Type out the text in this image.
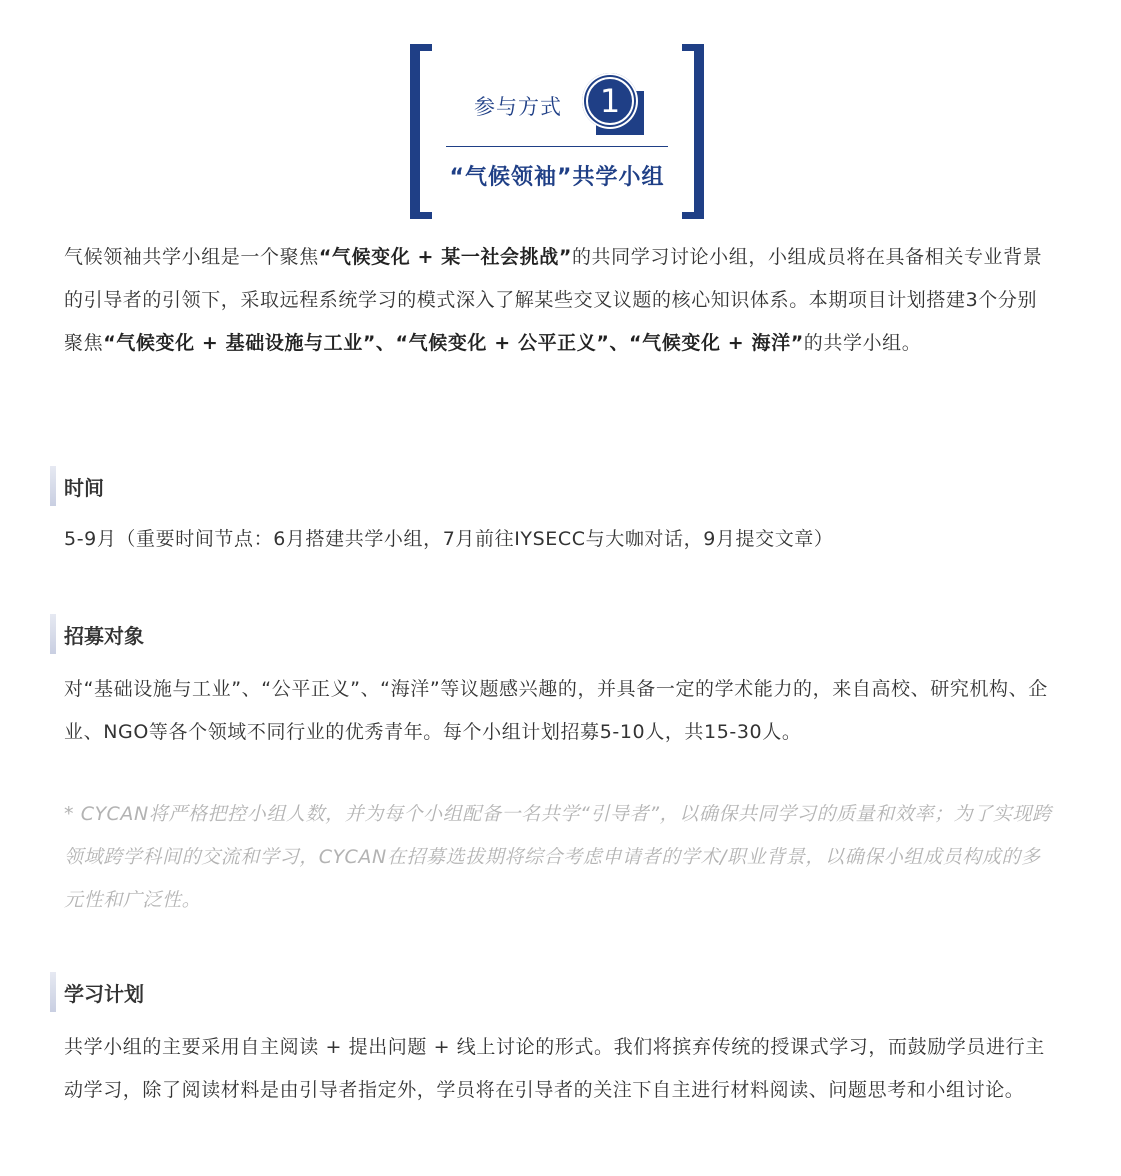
参与方式	1
“气候领袖”共学小组
气候领袖共学小组是一个聚焦“气候变化 + 某一社会挑战”的共同学习讨论小组，小组成员将在具备相关专业背景的引导者的引领下，采取远程系统学习的模式深入了解某些交叉议题的核心知识体系。本期项目计划搭建3个分别聚焦“气候变化 + 基础设施与工业”、“气候变化 + 公平正义”、“气候变化 + 海洋”的共学小组。
时间
5-9月（重要时间节点：6月搭建共学小组，7月前往IYSECC与大咖对话，9月提交文章）
招募对象
对“基础设施与工业”、“公平正义”、“海洋”等议题感兴趣的，并具备一定的学术能力的，来自高校、研究机构、企业、NGO等各个领域不同行业的优秀青年。每个小组计划招募5-10人，共15-30人。
* CYCAN将严格把控小组人数，并为每个小组配备一名共学“引导者”，以确保共同学习的质量和效率；为了实现跨领域跨学科间的交流和学习，CYCAN在招募选拔期将综合考虑申请者的学术/职业背景，以确保小组成员构成的多元性和广泛性。
学习计划
共学小组的主要采用自主阅读 + 提出问题 + 线上讨论的形式。我们将摈弃传统的授课式学习，而鼓励学员进行主动学习，除了阅读材料是由引导者指定外，学员将在引导者的关注下自主进行材料阅读、问题思考和小组讨论。
